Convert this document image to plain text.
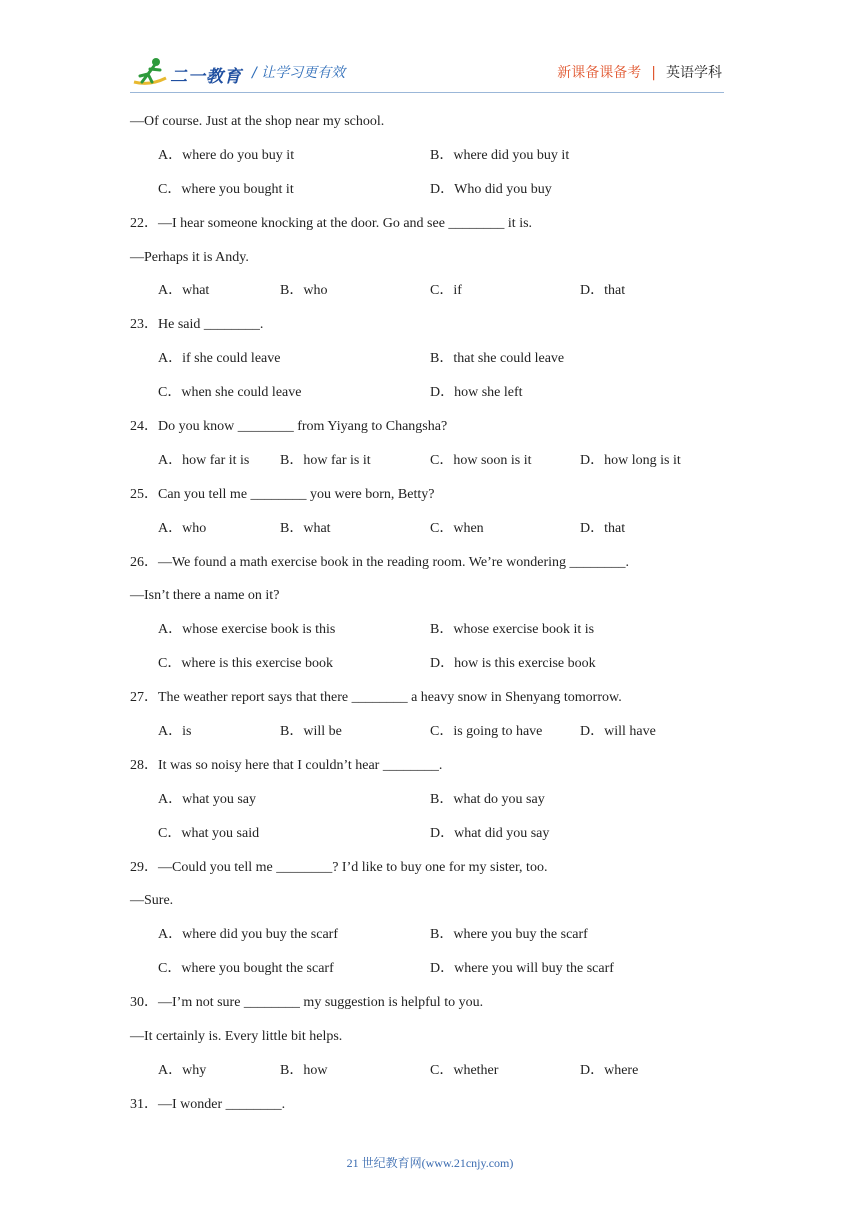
二一教育 / 让学习更有效	新课备课备考 | 英语学科
—Of course. Just at the shop near my school.
A．where do you buy it	B．where did you buy it
C．where you bought it	D．Who did you buy
22．—I hear someone knocking at the door. Go and see ________ it is.
—Perhaps it is Andy.
A．what	B．who	C．if	D．that
23．He said ________.
A．if she could leave	B．that she could leave
C．when she could leave	D．how she left
24．Do you know ________ from Yiyang to Changsha?
A．how far it is B．how far is it	C．how soon is it	D．how long is it
25．Can you tell me ________ you were born, Betty?
A．who	B．what	C．when	D．that
26．—We found a math exercise book in the reading room. We’re wondering ________.
—Isn’t there a name on it?
A．whose exercise book is this	B．whose exercise book it is
C．where is this exercise book	D．how is this exercise book
27．The weather report says that there ________ a heavy snow in Shenyang tomorrow.
A．is	B．will be	C．is going to have	D．will have
28．It was so noisy here that I couldn’t hear ________.
A．what you say	B．what do you say
C．what you said	D．what did you say
29．—Could you tell me ________? I’d like to buy one for my sister, too.
—Sure.
A．where did you buy the scarf	B．where you buy the scarf
C．where you bought the scarf	D．where you will buy the scarf
30．—I’m not sure ________ my suggestion is helpful to you.
—It certainly is. Every little bit helps.
A．why	B．how	C．whether	D．where
31．—I wonder ________.
21 世纪教育网(www.21cnjy.com)
